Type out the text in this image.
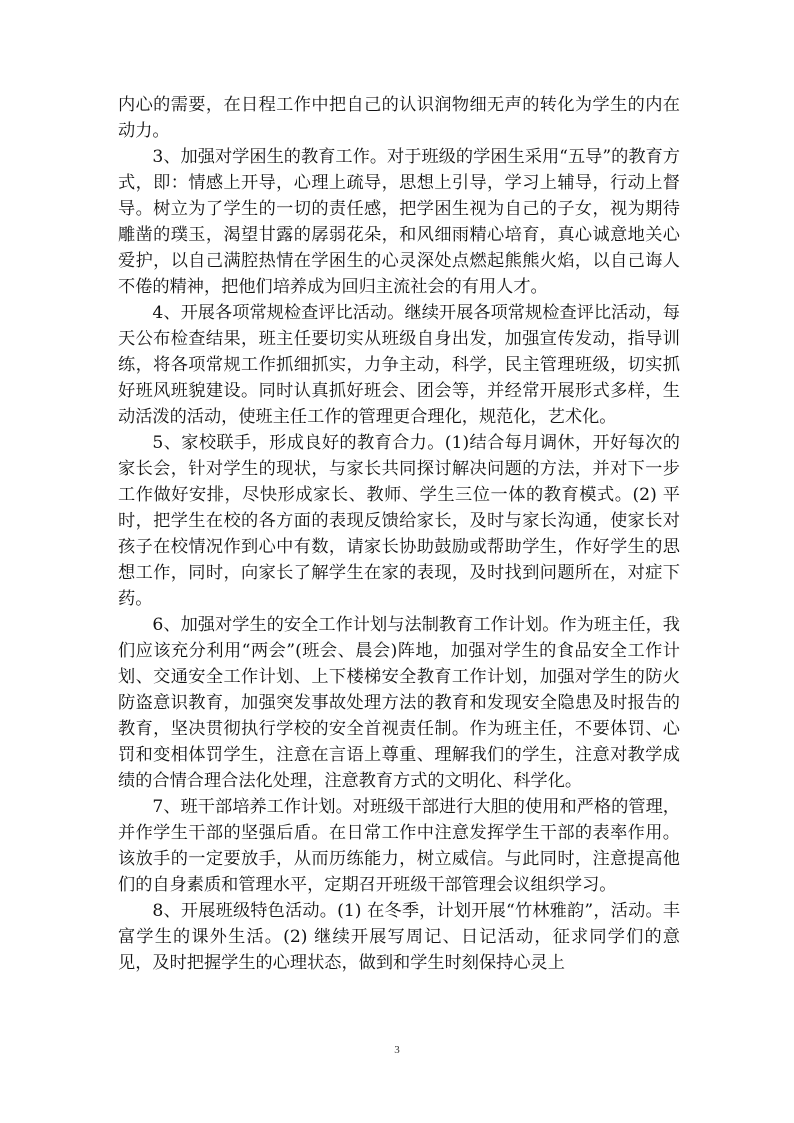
内心的需要，在日程工作中把自己的认识润物细无声的转化为学生的内在动力。

3、加强对学困生的教育工作。对于班级的学困生采用“五导”的教育方式，即：情感上开导，心理上疏导，思想上引导，学习上辅导，行动上督导。树立为了学生的一切的责任感，把学困生视为自己的子女，视为期待雕凿的璞玉，渴望甘露的孱弱花朵，和风细雨精心培育，真心诚意地关心爱护，以自己满腔热情在学困生的心灵深处点燃起熊熊火焰，以自己诲人不倦的精神，把他们培养成为回归主流社会的有用人才。

4、开展各项常规检查评比活动。继续开展各项常规检查评比活动，每天公布检查结果，班主任要切实从班级自身出发，加强宣传发动，指导训练，将各项常规工作抓细抓实，力争主动，科学，民主管理班级，切实抓好班风班貌建设。同时认真抓好班会、团会等，并经常开展形式多样，生动活泼的活动，使班主任工作的管理更合理化，规范化，艺术化。

5、家校联手，形成良好的教育合力。(1)结合每月调休，开好每次的家长会，针对学生的现状，与家长共同探讨解决问题的方法，并对下一步工作做好安排，尽快形成家长、教师、学生三位一体的教育模式。(2) 平时，把学生在校的各方面的表现反馈给家长，及时与家长沟通，使家长对孩子在校情况作到心中有数，请家长协助鼓励或帮助学生，作好学生的思想工作，同时，向家长了解学生在家的表现，及时找到问题所在，对症下药。

6、加强对学生的安全工作计划与法制教育工作计划。作为班主任，我们应该充分利用“两会”(班会、晨会)阵地，加强对学生的食品安全工作计划、交通安全工作计划、上下楼梯安全教育工作计划，加强对学生的防火防盗意识教育，加强突发事故处理方法的教育和发现安全隐患及时报告的教育，坚决贯彻执行学校的安全首视责任制。作为班主任，不要体罚、心罚和变相体罚学生，注意在言语上尊重、理解我们的学生，注意对教学成绩的合情合理合法化处理，注意教育方式的文明化、科学化。

7、班干部培养工作计划。对班级干部进行大胆的使用和严格的管理，并作学生干部的坚强后盾。在日常工作中注意发挥学生干部的表率作用。该放手的一定要放手，从而历练能力，树立威信。与此同时，注意提高他们的自身素质和管理水平，定期召开班级干部管理会议组织学习。

8、开展班级特色活动。(1) 在冬季，计划开展“竹林雅韵”，活动。丰富学生的课外生活。(2) 继续开展写周记、日记活动，征求同学们的意见，及时把握学生的心理状态，做到和学生时刻保持心灵上

3
